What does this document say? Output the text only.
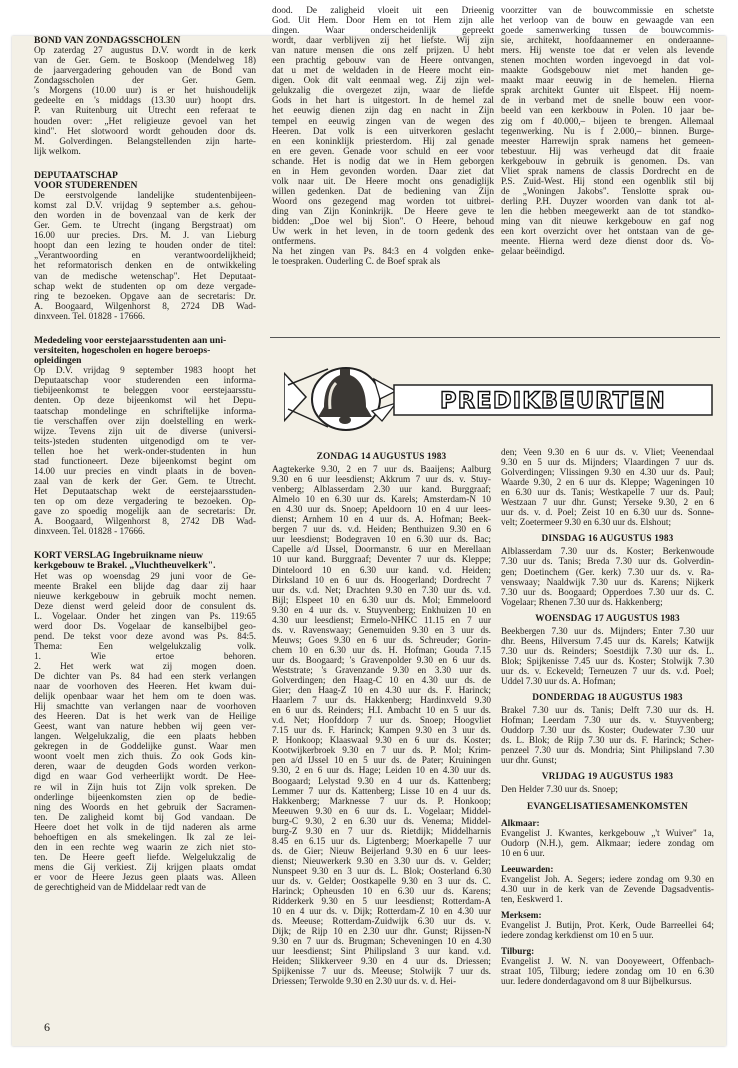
BOND VAN ZONDAGSSCHOLEN

Op zaterdag 27 augustus D.V. wordt in de kerk
van de Ger. Gem. te Boskoop (Mendelweg 18)
de jaarvergadering gehouden van de Bond van
Zondagsscholen der Ger. Gem.
's Morgens (10.00 uur) is er het huishoudelijk
gedeelte en 's middags (13.30 uur) hoopt drs.
P. van Ruitenburg uit Utrecht een referaat te
houden over: „Het religieuze gevoel van het
kind". Het slotwoord wordt gehouden door ds.
M. Golverdingen. Belangstellenden zijn harte-
lijk welkom.

DEPUTAATSCHAP

VOOR STUDERENDEN

De eerstvolgende landelijke studentenbijeen-
komst zal D.V. vrijdag 9 september a.s. gehou-
den worden in de bovenzaal van de kerk der
Ger. Gem. te Utrecht (ingang Bergstraat) om
16.00 uur precies. Drs. M. J. van Lieburg
hoopt dan een lezing te houden onder de titel:
„Verantwoording en verantwoordelijkheid;
het reformatorisch denken en de ontwikkeling
van de medische wetenschap". Het Deputaat-
schap wekt de studenten op om deze vergade-
ring te bezoeken. Opgave aan de secretaris: Dr.
A. Boogaard, Wilgenhorst 8, 2724 DB Wad-
dinxveen. Tel. 01828 - 17666.

Mededeling voor eerstejaarsstudenten aan uni-

versiteiten, hogescholen en hogere beroeps-

opleidingen

Op D.V. vrijdag 9 september 1983 hoopt het
Deputaatschap voor studerenden een informa-
tiebijeenkomst te beleggen voor eerstejaarsstu-
denten. Op deze bijeenkomst wil het Depu-
taatschap mondelinge en schriftelijke informa-
tie verschaffen over zijn doelstelling en werk-
wijze. Tevens zijn uit de diverse (universi-
teits-)steden studenten uitgenodigd om te ver-
tellen hoe het werk-onder-studenten in hun
stad functioneert. Deze bijeenkomst begint om
14.00 uur precies en vindt plaats in de boven-
zaal van de kerk der Ger. Gem. te Utrecht.
Het Deputaatschap wekt de eerstejaarsstuden-
ten op om deze vergadering te bezoeken. Op-
gave zo spoedig mogelijk aan de secretaris: Dr.
A. Boogaard, Wilgenhorst 8, 2742 DB Wad-
dinxveen. Tel. 01828 - 17666.

KORT VERSLAG Ingebruikname nieuw

kerkgebouw te Brakel. „Vluchtheuvelkerk".

Het was op woensdag 29 juni voor de Ge-
meente Brakel een blijde dag daar zij haar
nieuwe kerkgebouw in gebruik mocht nemen.
Deze dienst werd geleid door de consulent ds.
L. Vogelaar. Onder het zingen van Ps. 119:65
werd door Ds. Vogelaar de kanselbijbel geo-
pend. De tekst voor deze avond was Ps. 84:5.
Thema: Een welgelukzalig volk.
1. Wie ertoe behoren.
2. Het werk wat zij mogen doen.
De dichter van Ps. 84 had een sterk verlangen
naar de voorhoven des Heeren. Het kwam dui-
delijk openbaar waar het hem om te doen was.
Hij smachtte van verlangen naar de voorhoven
des Heeren. Dat is het werk van de Heilige
Geest, want van nature hebben wij geen ver-
langen. Welgelukzalig, die een plaats hebben
gekregen in de Goddelijke gunst. Waar men
woont voelt men zich thuis. Zo ook Gods kin-
deren, waar de deugden Gods worden verkon-
digd en waar God verheerlijkt wordt. De Hee-
re wil in Zijn huis tot Zijn volk spreken. De
onderlinge bijeenkomsten zien op de bedie-
ning des Woords en het gebruik der Sacramen-
ten. De zaligheid komt bij God vandaan. De
Heere doet het volk in de tijd naderen als arme
behoeftigen en als smekelingen. Ik zal ze lei-
den in een rechte weg waarin ze zich niet sto-
ten. De Heere geeft liefde. Welgelukzalig de
mens die Gij verkiest. Zij krijgen plaats omdat
er voor de Heere Jezus geen plaats was. Alleen
de gerechtigheid van de Middelaar redt van de
dood. De zaligheid vloeit uit een Drieenig
God. Uit Hem. Door Hem en tot Hem zijn alle
dingen. Waar onderscheidenlijk gepreekt
wordt, daar verblijven zij het liefste. Wij zijn
van nature mensen die ons zelf prijzen. U hebt
een prachtig gebouw van de Heere ontvangen,
dat u met de weldaden in de Heere mocht ein-
digen. Ook dit valt eenmaal weg. Zij zijn wel-
gelukzalig die overgezet zijn, waar de liefde
Gods in het hart is uitgestort. In de hemel zal
het eeuwig dienen zijn dag en nacht in Zijn
tempel en eeuwig zingen van de wegen des
Heeren. Dat volk is een uitverkoren geslacht
en een koninklijk priesterdom. Hij zal genade
en ere geven. Genade voor schuld en eer voor
schande. Het is nodig dat we in Hem geborgen
en in Hem gevonden worden. Daar ziet dat
volk naar uit. De Heere mocht ons genadiglijk
willen gedenken. Dat de bediening van Zijn
Woord ons gezegend mag worden tot uitbrei-
ding van Zijn Koninkrijk. De Heere geve te
bidden: „Doe wel bij Sion". O Heere, behoud
Uw werk in het leven, in de toorn gedenk des
ontfermens.
Na het zingen van Ps. 84:3 en 4 volgden enke-
le toespraken. Ouderling C. de Boef sprak als
voorzitter van de bouwcommissie en schetste
het verloop van de bouw en gewaagde van een
goede samenwerking tussen de bouwcommis-
sie, architekt, hoofdaannemer en onderaanne-
mers. Hij wenste toe dat er velen als levende
stenen mochten worden ingevoegd in dat vol-
maakte Godsgebouw niet met handen ge-
maakt maar eeuwig in de hemelen. Hierna
sprak architekt Gunter uit Elspeet. Hij noem-
de in verband met de snelle bouw een voor-
beeld van een kerkbouw in Polen. 10 jaar be-
zig om f 40.000,– bijeen te brengen. Allemaal
tegenwerking. Nu is f 2.000,– binnen. Burge-
meester Harrewijn sprak namens het gemeen-
tebestuur. Hij was verheugd dat dit fraaie
kerkgebouw in gebruik is genomen. Ds. van
Vliet sprak namens de classis Dordrecht en de
P.S. Zuid-West. Hij stond een ogenblik stil bij
de „Woningen Jakobs". Tenslotte sprak ou-
derling P.H. Duyzer woorden van dank tot al-
len die hebben meegewerkt aan de tot standko-
ming van dit nieuwe kerkgebouw en gaf nog
een kort overzicht over het ontstaan van de ge-
meente. Hierna werd deze dienst door ds. Vo-
gelaar beëindigd.
PREDIKBEURTEN

ZONDAG 14 AUGUSTUS 1983

Aagtekerke 9.30, 2 en 7 uur ds. Baaijens; Aalburg
9.30 en 6 uur leesdienst; Akkrum 7 uur ds. v. Stuy-
venberg; Alblasserdam 2.30 uur kand. Burggraaf;
Almelo 10 en 6.30 uur ds. Karels; Amsterdam-N 10
en 4.30 uur ds. Snoep; Apeldoorn 10 en 4 uur lees-
dienst; Arnhem 10 en 4 uur ds. A. Hofman; Beek-
bergen 7 uur ds. v.d. Heiden; Benthuizen 9.30 en 6
uur leesdienst; Bodegraven 10 en 6.30 uur ds. Bac;
Capelle a/d IJssel, Doormanstr. 6 uur en Merellaan
10 uur kand. Burggraaf; Deventer 7 uur ds. Kleppe;
Dinteloord 10 en 6.30 uur kand. v.d. Heiden;
Dirksland 10 en 6 uur ds. Hoogerland; Dordrecht 7
uur ds. v.d. Net; Drachten 9.30 en 7.30 uur ds. v.d.
Bijl; Elspeet 10 en 6.30 uur ds. Mol; Emmeloord
9.30 en 4 uur ds. v. Stuyvenberg; Enkhuizen 10 en
4.30 uur leesdienst; Ermelo-NHKC 11.15 en 7 uur
ds. v. Ravenswaay; Genemuiden 9.30 en 3 uur ds.
Meuws; Goes 9.30 en 6 uur ds. Schreuder; Gorin-
chem 10 en 6.30 uur ds. H. Hofman; Gouda 7.15
uur ds. Boogaard; 's Gravenpolder 9.30 en 6 uur ds.
Weststrate; 's Gravenzande 9.30 en 3.30 uur ds.
Golverdingen; den Haag-C 10 en 4.30 uur ds. de
Gier; den Haag-Z 10 en 4.30 uur ds. F. Harinck;
Haarlem 7 uur ds. Hakkenberg; Hardinxveld 9.30
en 6 uur ds. Reinders; H.I. Ambacht 10 en 5 uur ds.
v.d. Net; Hoofddorp 7 uur ds. Snoep; Hoogvliet
7.15 uur ds. F. Harinck; Kampen 9.30 en 3 uur ds.
P. Honkoop; Klaaswaal 9.30 en 6 uur ds. Koster;
Kootwijkerbroek 9.30 en 7 uur ds. P. Mol; Krim-
pen a/d IJssel 10 en 5 uur ds. de Pater; Kruiningen
9.30, 2 en 6 uur ds. Hage; Leiden 10 en 4.30 uur ds.
Boogaard; Lelystad 9.30 en 4 uur ds. Kattenberg;
Lemmer 7 uur ds. Kattenberg; Lisse 10 en 4 uur ds.
Hakkenberg; Marknesse 7 uur ds. P. Honkoop;
Meeuwen 9.30 en 6 uur ds. L. Vogelaar; Middel-
burg-C 9.30, 2 en 6.30 uur ds. Venema; Middel-
burg-Z 9.30 en 7 uur ds. Rietdijk; Middelharnis
8.45 en 6.15 uur ds. Ligtenberg; Moerkapelle 7 uur
ds. de Gier; Nieuw Beijerland 9.30 en 6 uur lees-
dienst; Nieuwerkerk 9.30 en 3.30 uur ds. v. Gelder;
Nunspeet 9.30 en 3 uur ds. L. Blok; Oosterland 6.30
uur ds. v. Gelder; Oostkapelle 9.30 en 3 uur ds. C.
Harinck; Opheusden 10 en 6.30 uur ds. Karens;
Ridderkerk 9.30 en 5 uur leesdienst; Rotterdam-A
10 en 4 uur ds. v. Dijk; Rotterdam-Z 10 en 4.30 uur
ds. Meeuse; Rotterdam-Zuidwijk 6.30 uur ds. v.
Dijk; de Rijp 10 en 2.30 uur dhr. Gunst; Rijssen-N
9.30 en 7 uur ds. Brugman; Scheveningen 10 en 4.30
uur leesdienst; Sint Philipsland 3 uur kand. v.d.
Heiden; Slikkerveer 9.30 en 4 uur ds. Driessen;
Spijkenisse 7 uur ds. Meeuse; Stolwijk 7 uur ds.
Driessen; Terwolde 9.30 en 2.30 uur ds. v. d. Hei-
den; Veen 9.30 en 6 uur ds. v. Vliet; Veenendaal
9.30 en 5 uur ds. Mijnders; Vlaardingen 7 uur ds.
Golverdingen; Vlissingen 9.30 en 4.30 uur ds. Paul;
Waarde 9.30, 2 en 6 uur ds. Kleppe; Wageningen 10
en 6.30 uur ds. Tanis; Westkapelle 7 uur ds. Paul;
Westzaan 7 uur dhr. Gunst; Yerseke 9.30, 2 en 6
uur ds. v. d. Poel; Zeist 10 en 6.30 uur ds. Sonne-
velt; Zoetermeer 9.30 en 6.30 uur ds. Elshout;

DINSDAG 16 AUGUSTUS 1983

Alblasserdam 7.30 uur ds. Koster; Berkenwoude
7.30 uur ds. Tanis; Breda 7.30 uur ds. Golverdin-
gen; Doetinchem (Ger. kerk) 7.30 uur ds. v. Ra-
venswaay; Naaldwijk 7.30 uur ds. Karens; Nijkerk
7.30 uur ds. Boogaard; Opperdoes 7.30 uur ds. C.
Vogelaar; Rhenen 7.30 uur ds. Hakkenberg;

WOENSDAG 17 AUGUSTUS 1983

Beekbergen 7.30 uur ds. Mijnders; Enter 7.30 uur
dhr. Beens, Hilversum 7.45 uur ds. Karels; Katwijk
7.30 uur ds. Reinders; Soestdijk 7.30 uur ds. L.
Blok; Spijkenisse 7.45 uur ds. Koster; Stolwijk 7.30
uur ds. v. Eckeveld; Terneuzen 7 uur ds. v.d. Poel;
Uddel 7.30 uur ds. A. Hofman;

DONDERDAG 18 AUGUSTUS 1983

Brakel 7.30 uur ds. Tanis; Delft 7.30 uur ds. H.
Hofman; Leerdam 7.30 uur ds. v. Stuyvenberg;
Ouddorp 7.30 uur ds. Koster; Oudewater 7.30 uur
ds. L. Blok; de Rijp 7.30 uur ds. F. Harinck; Scher-
penzeel 7.30 uur ds. Mondria; Sint Philipsland 7.30
uur dhr. Gunst;

VRIJDAG 19 AUGUSTUS 1983

Den Helder 7.30 uur ds. Snoep;

EVANGELISATIESAMENKOMSTEN

Alkmaar:

Evangelist J. Kwantes, kerkgebouw „'t Wuiver" 1a,
Oudorp (N.H.), gem. Alkmaar; iedere zondag om
10 en 6 uur.

Leeuwarden:

Evangelist Joh. A. Segers; iedere zondag om 9.30 en
4.30 uur in de kerk van de Zevende Dagsadventis-
ten, Eeskwerd 1.

Merksem:

Evangelist J. Butijn, Prot. Kerk, Oude Barreellei 64;
iedere zondag kerkdienst om 10 en 5 uur.

Tilburg:

Evangelist J. W. N. van Dooyeweert, Offenbach-
straat 105, Tilburg; iedere zondag om 10 en 6.30
uur. Iedere donderdagavond om 8 uur Bijbelkursus.
6
